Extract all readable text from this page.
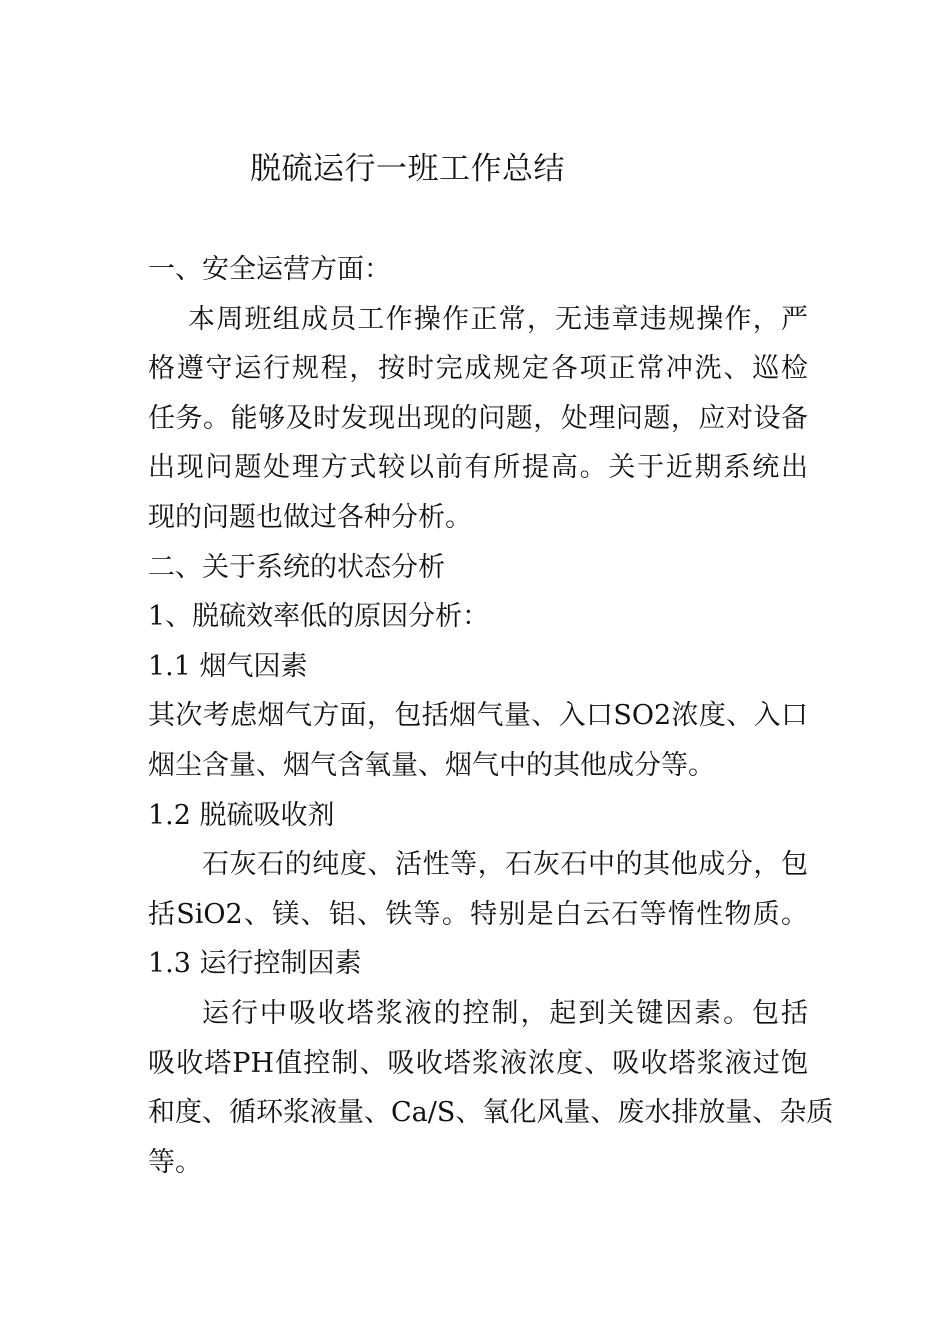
脱硫运行一班工作总结
一、安全运营方面：
本周班组成员工作操作正常，无违章违规操作，严
格遵守运行规程，按时完成规定各项正常冲洗、巡检
任务。能够及时发现出现的问题，处理问题，应对设备
出现问题处理方式较以前有所提高。关于近期系统出
现的问题也做过各种分析。
二、关于系统的状态分析
1、脱硫效率低的原因分析：
1.1 烟气因素
其次考虑烟气方面，包括烟气量、入口SO2浓度、入口
烟尘含量、烟气含氧量、烟气中的其他成分等。
1.2 脱硫吸收剂
石灰石的纯度、活性等，石灰石中的其他成分，包
括SiO2、镁、铝、铁等。特别是白云石等惰性物质。
1.3 运行控制因素
运行中吸收塔浆液的控制，起到关键因素。包括
吸收塔PH值控制、吸收塔浆液浓度、吸收塔浆液过饱
和度、循环浆液量、Ca/S、氧化风量、废水排放量、杂质
等。
